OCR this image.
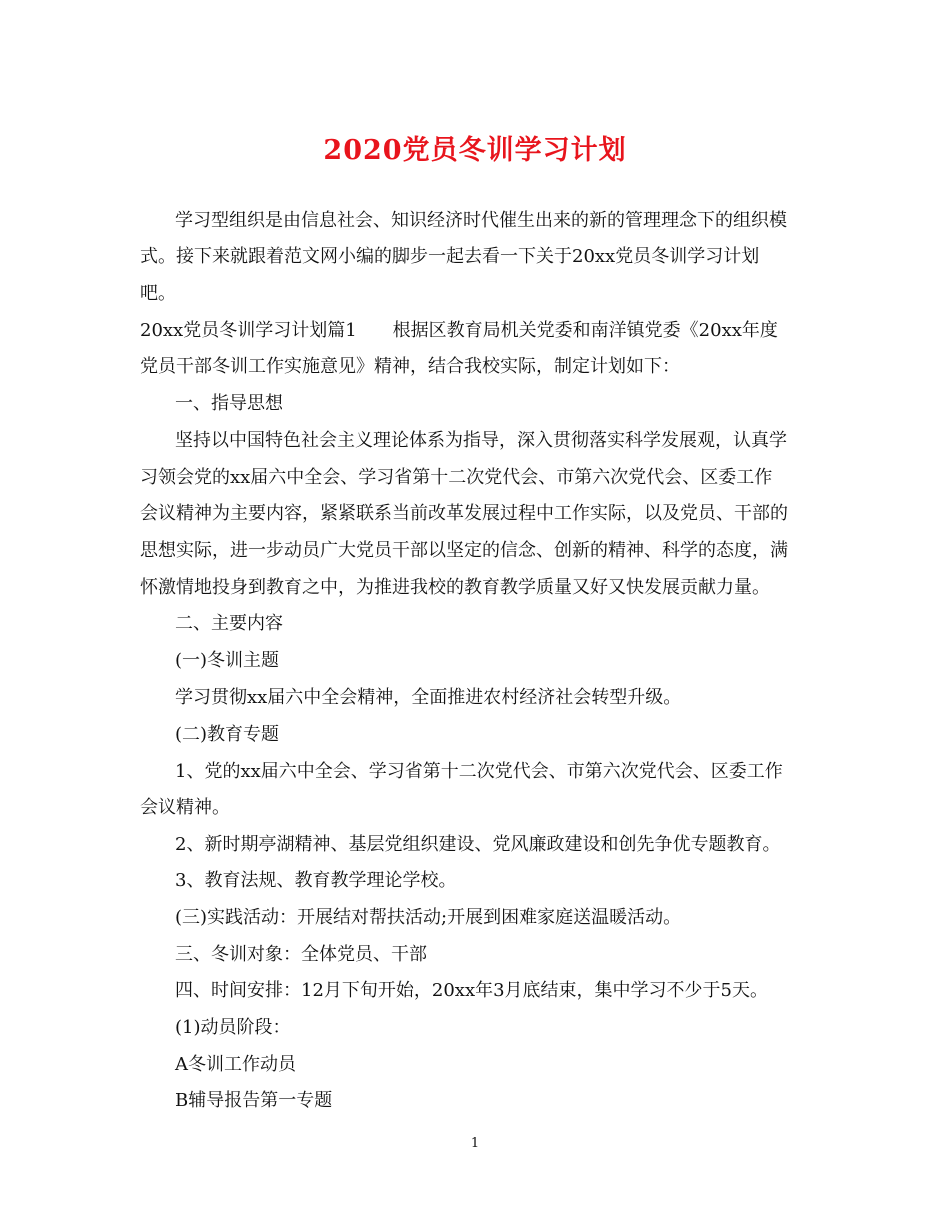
2020党员冬训学习计划
学习型组织是由信息社会、知识经济时代催生出来的新的管理理念下的组织模
式。接下来就跟着范文网小编的脚步一起去看一下关于20xx党员冬训学习计划
吧。
20xx党员冬训学习计划篇1 根据区教育局机关党委和南洋镇党委《20xx年度
党员干部冬训工作实施意见》精神，结合我校实际，制定计划如下：
一、指导思想
坚持以中国特色社会主义理论体系为指导，深入贯彻落实科学发展观，认真学
习领会党的xx届六中全会、学习省第十二次党代会、市第六次党代会、区委工作
会议精神为主要内容，紧紧联系当前改革发展过程中工作实际，以及党员、干部的
思想实际，进一步动员广大党员干部以坚定的信念、创新的精神、科学的态度，满
怀激情地投身到教育之中，为推进我校的教育教学质量又好又快发展贡献力量。
二、主要内容
(一)冬训主题
学习贯彻xx届六中全会精神，全面推进农村经济社会转型升级。
(二)教育专题
1、党的xx届六中全会、学习省第十二次党代会、市第六次党代会、区委工作
会议精神。
2、新时期亭湖精神、基层党组织建设、党风廉政建设和创先争优专题教育。
3、教育法规、教育教学理论学校。
(三)实践活动：开展结对帮扶活动;开展到困难家庭送温暖活动。
三、冬训对象：全体党员、干部
四、时间安排：12月下旬开始，20xx年3月底结束，集中学习不少于5天。
(1)动员阶段：
A冬训工作动员
B辅导报告第一专题
1
